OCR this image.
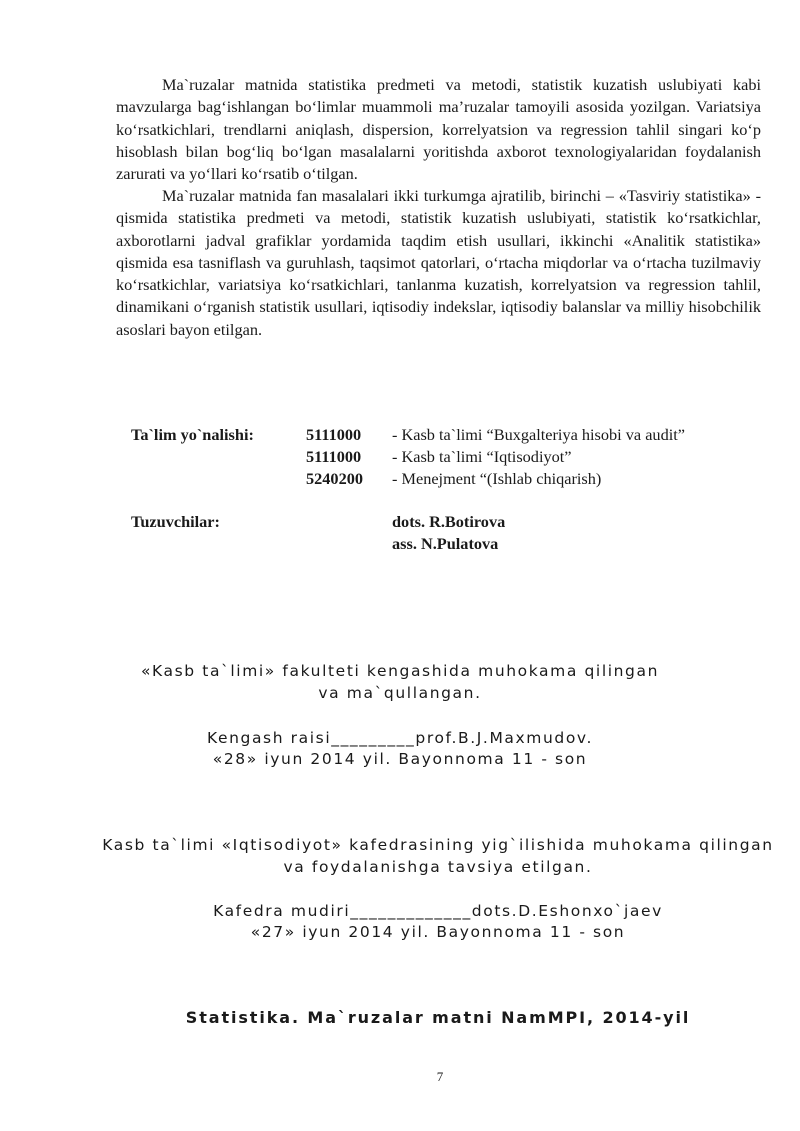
Ma`ruzalar matnida statistika predmeti va metodi, statistik kuzatish uslubiyati kabi mavzularga bag‘ishlangan bo‘limlar muammoli ma’ruzalar tamoyili asosida yozilgan. Variatsiya ko‘rsatkichlari, trendlarni aniqlash, dispersion, korrelyatsion va regression tahlil singari ko‘p hisoblash bilan bog‘liq bo‘lgan masalalarni yoritishda axborot texnologiyalaridan foydalanish zarurati va yo‘llari ko‘rsatib o‘tilgan.

Ma`ruzalar matnida fan masalalari ikki turkumga ajratilib, birinchi – «Tasviriy statistika» - qismida statistika predmeti va metodi, statistik kuzatish uslubiyati, statistik ko‘rsatkichlar, axborotlarni jadval grafiklar yordamida taqdim etish usullari, ikkinchi «Analitik statistika» qismida esa tasniflash va guruhlash, taqsimot qatorlari, o‘rtacha miqdorlar va o‘rtacha tuzilmaviy ko‘rsatkichlar, variatsiya ko‘rsatkichlari, tanlanma kuzatish, korrelyatsion va regression tahlil, dinamikani o‘rganish statistik usullari, iqtisodiy indekslar, iqtisodiy balanslar va milliy hisobchilik asoslari bayon etilgan.

Ta`lim yo`nalishi:	5111000 - Kasb ta`limi “Buxgalteriya hisobi va audit”
5111000 - Kasb ta`limi “Iqtisodiyot”
5240200 - Menejment “(Ishlab chiqarish)
Tuzuvchilar:	dots. R.Botirova
ass. N.Pulatova
«Kasb ta`limi» fakulteti kengashida muhokama qilingan
va ma`qullangan.
Kengash raisi_________prof.B.J.Maxmudov.
«28» iyun 2014 yil. Bayonnoma 11 - son
Kasb ta`limi «Iqtisodiyot» kafedrasining yig`ilishida muhokama qilingan
va foydalanishga tavsiya etilgan.
Kafedra mudiri_____________dots.D.Eshonxo`jaev
«27» iyun 2014 yil. Bayonnoma 11 - son
Statistika. Ma`ruzalar matni NamMPI, 2014-yil
7
